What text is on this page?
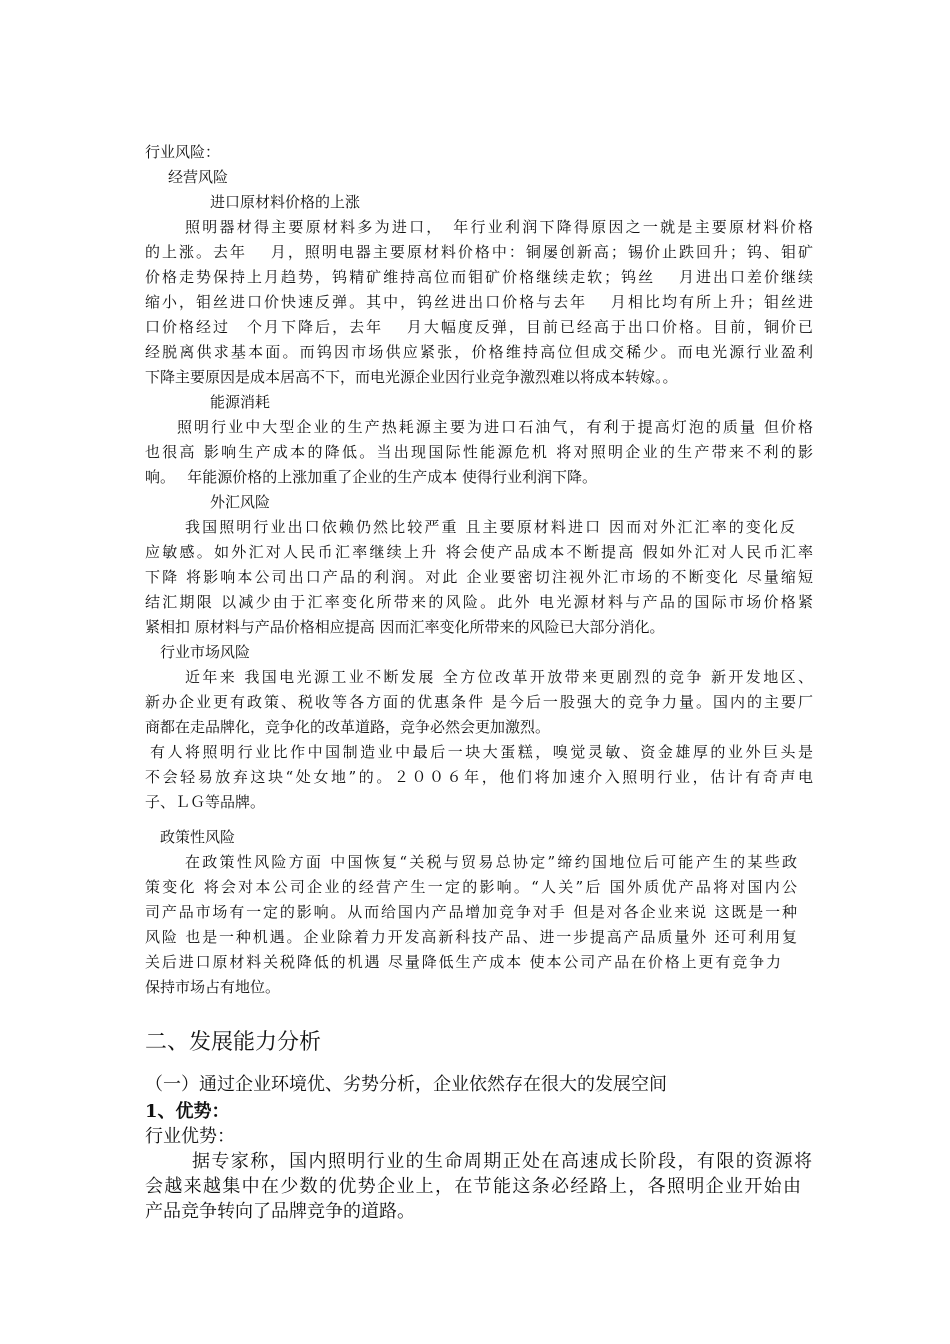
行业风险：
经营风险
进口原材料价格的上涨
照明器材得主要原材料多为进口，　年行业利润下降得原因之一就是主要原材料价格
的上涨。去年　 月，照明电器主要原材料价格中：铜屡创新高；锡价止跌回升；钨、钼矿
价格走势保持上月趋势，钨精矿维持高位而钼矿价格继续走软；钨丝　 月进出口差价继续
缩小，钼丝进口价快速反弹。其中，钨丝进出口价格与去年　 月相比均有所上升；钼丝进
口价格经过　个月下降后，去年　 月大幅度反弹，目前已经高于出口价格。目前，铜价已
经脱离供求基本面。而钨因市场供应紧张，价格维持高位但成交稀少。而电光源行业盈利
下降主要原因是成本居高不下，而电光源企业因行业竞争激烈难以将成本转嫁。。
能源消耗
照明行业中大型企业的生产热耗源主要为进口石油气，有利于提高灯泡的质量 但价格
也很高 影响生产成本的降低。当出现国际性能源危机 将对照明企业的生产带来不利的影
响。　 年能源价格的上涨加重了企业的生产成本 使得行业利润下降。
外汇风险
我国照明行业出口依赖仍然比较严重 且主要原材料进口 因而对外汇汇率的变化反
应敏感。如外汇对人民币汇率继续上升 将会使产品成本不断提高 假如外汇对人民币汇率
下降 将影响本公司出口产品的利润。对此 企业要密切注视外汇市场的不断变化 尽量缩短
结汇期限 以减少由于汇率变化所带来的风险。此外 电光源材料与产品的国际市场价格紧
紧相扣 原材料与产品价格相应提高 因而汇率变化所带来的风险已大部分消化。
行业市场风险
近年来 我国电光源工业不断发展 全方位改革开放带来更剧烈的竞争 新开发地区、
新办企业更有政策、税收等各方面的优惠条件 是今后一股强大的竞争力量。国内的主要厂
商都在走品牌化，竞争化的改革道路，竞争必然会更加激烈。
有人将照明行业比作中国制造业中最后一块大蛋糕，嗅觉灵敏、资金雄厚的业外巨头是
不会轻易放弃这块“处女地”的。２００６年，他们将加速介入照明行业，估计有奇声电
子、ＬＧ等品牌。
政策性风险
在政策性风险方面 中国恢复“关税与贸易总协定”缔约国地位后可能产生的某些政
策变化 将会对本公司企业的经营产生一定的影响。“人关”后 国外质优产品将对国内公
司产品市场有一定的影响。从而给国内产品增加竞争对手 但是对各企业来说 这既是一种
风险 也是一种机遇。企业除着力开发高新科技产品、进一步提高产品质量外 还可利用复
关后进口原材料关税降低的机遇 尽量降低生产成本 使本公司产品在价格上更有竞争力
保持市场占有地位。
二、发展能力分析
（一）通过企业环境优、劣势分析，企业依然存在很大的发展空间
1、优势：
行业优势：
据专家称，国内照明行业的生命周期正处在高速成长阶段，有限的资源将
会越来越集中在少数的优势企业上，在节能这条必经路上，各照明企业开始由
产品竞争转向了品牌竞争的道路。
